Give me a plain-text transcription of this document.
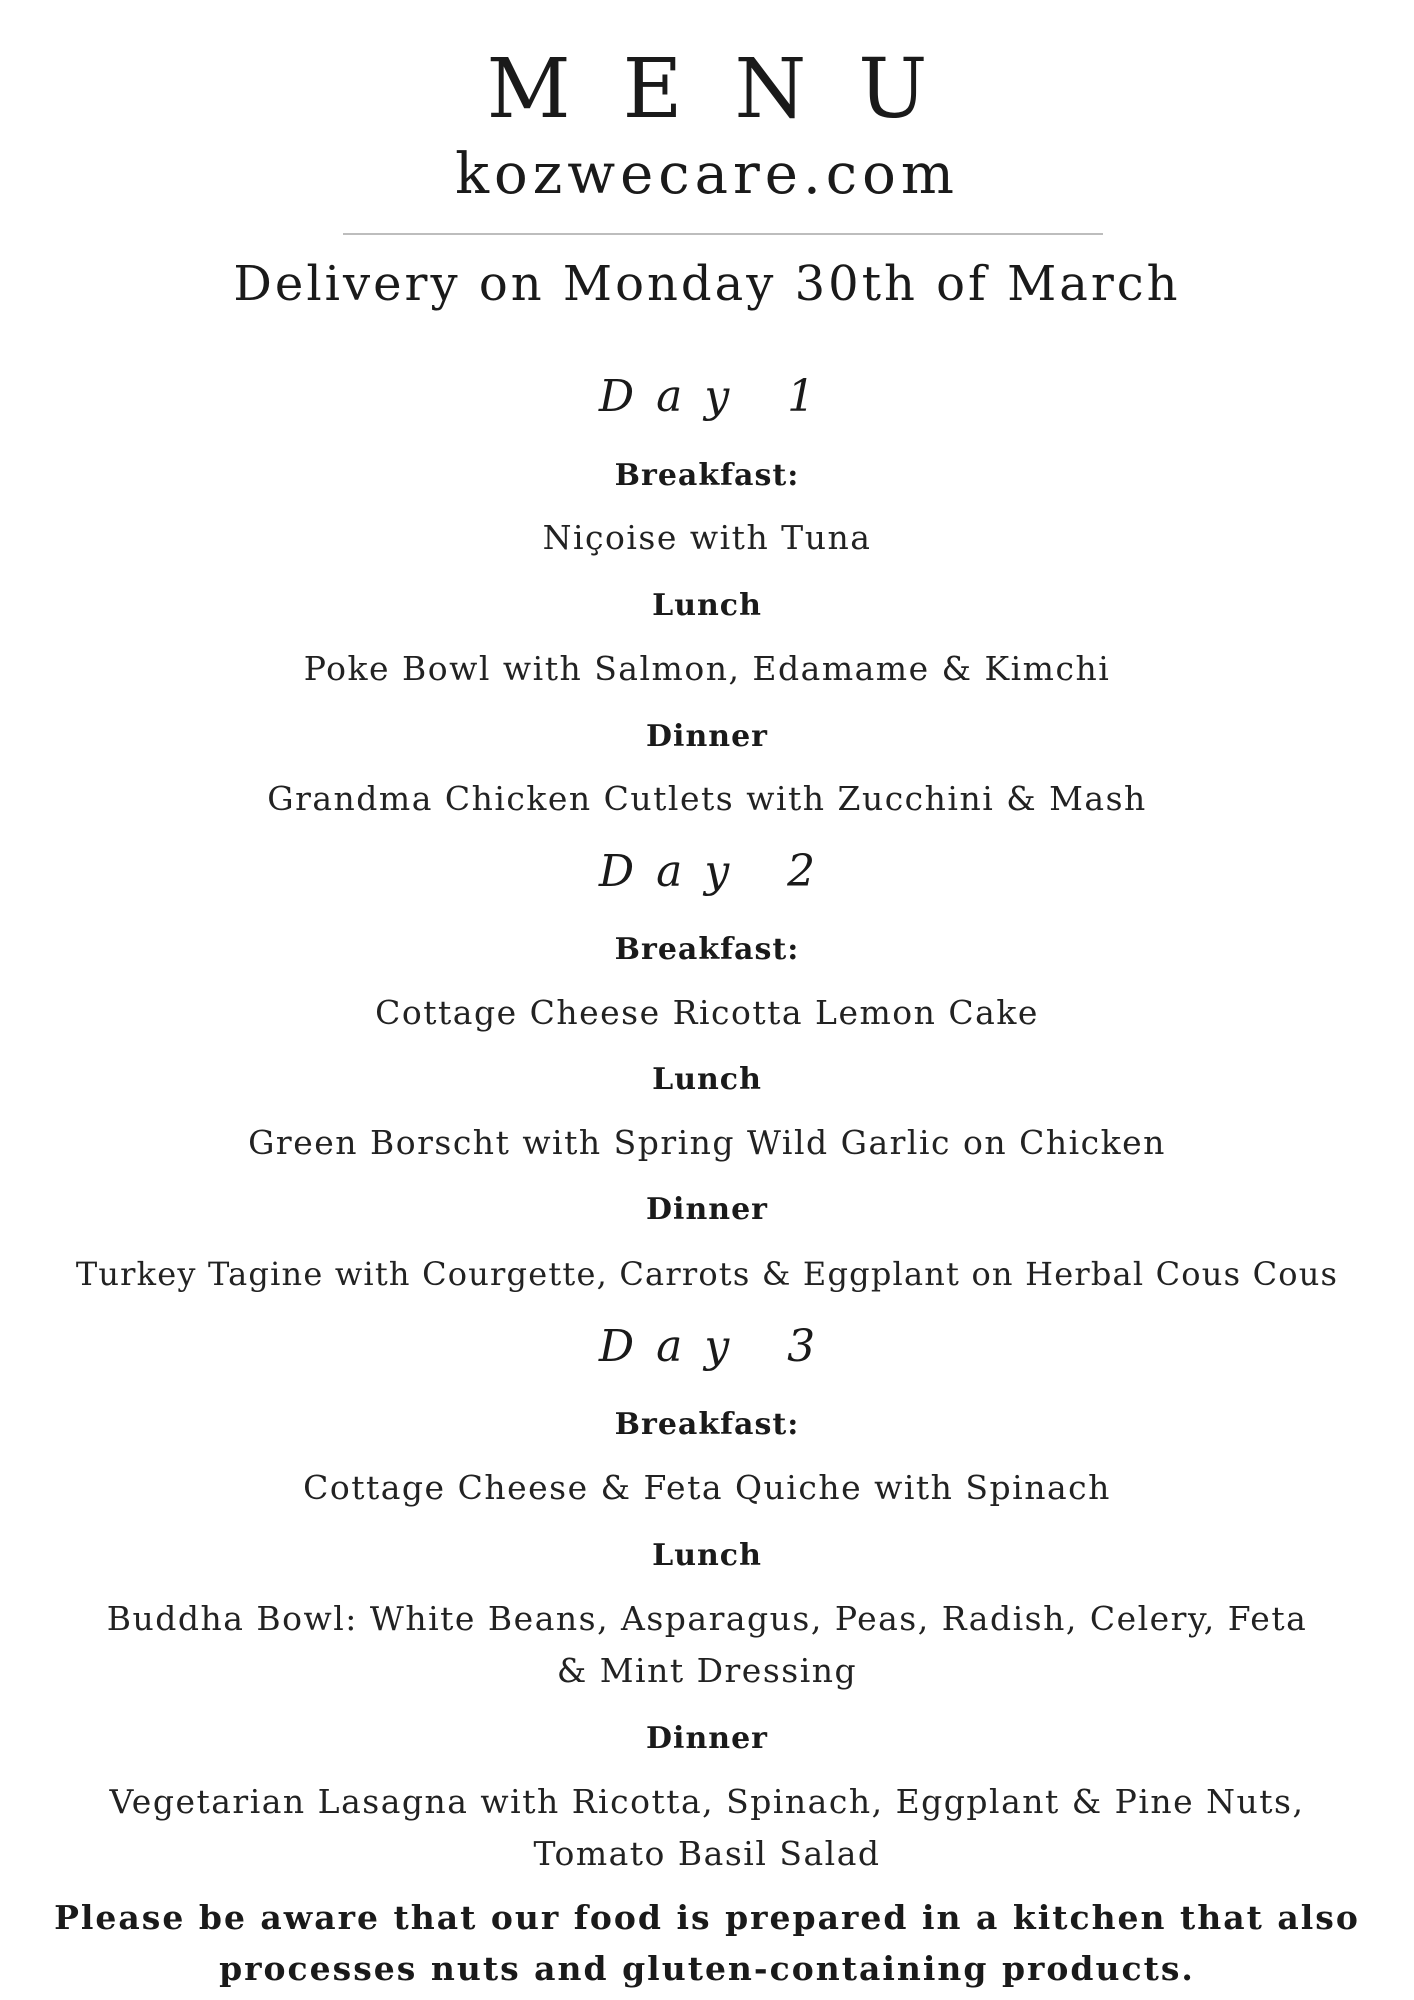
MENU
kozwecare.com
Delivery on Monday 30th of March
Day 1
Breakfast:
Niçoise with Tuna
Lunch
Poke Bowl with Salmon, Edamame & Kimchi
Dinner
Grandma Chicken Cutlets with Zucchini & Mash
Day 2
Breakfast:
Cottage Cheese Ricotta Lemon Cake
Lunch
Green Borscht with Spring Wild Garlic on Chicken
Dinner
Turkey Tagine with Courgette, Carrots & Eggplant on Herbal Cous Cous
Day 3
Breakfast:
Cottage Cheese & Feta Quiche with Spinach
Lunch
Buddha Bowl: White Beans, Asparagus, Peas, Radish, Celery, Feta
& Mint Dressing
Dinner
Vegetarian Lasagna with Ricotta, Spinach, Eggplant & Pine Nuts,
Tomato Basil Salad
Please be aware that our food is prepared in a kitchen that also
processes nuts and gluten-containing products.
